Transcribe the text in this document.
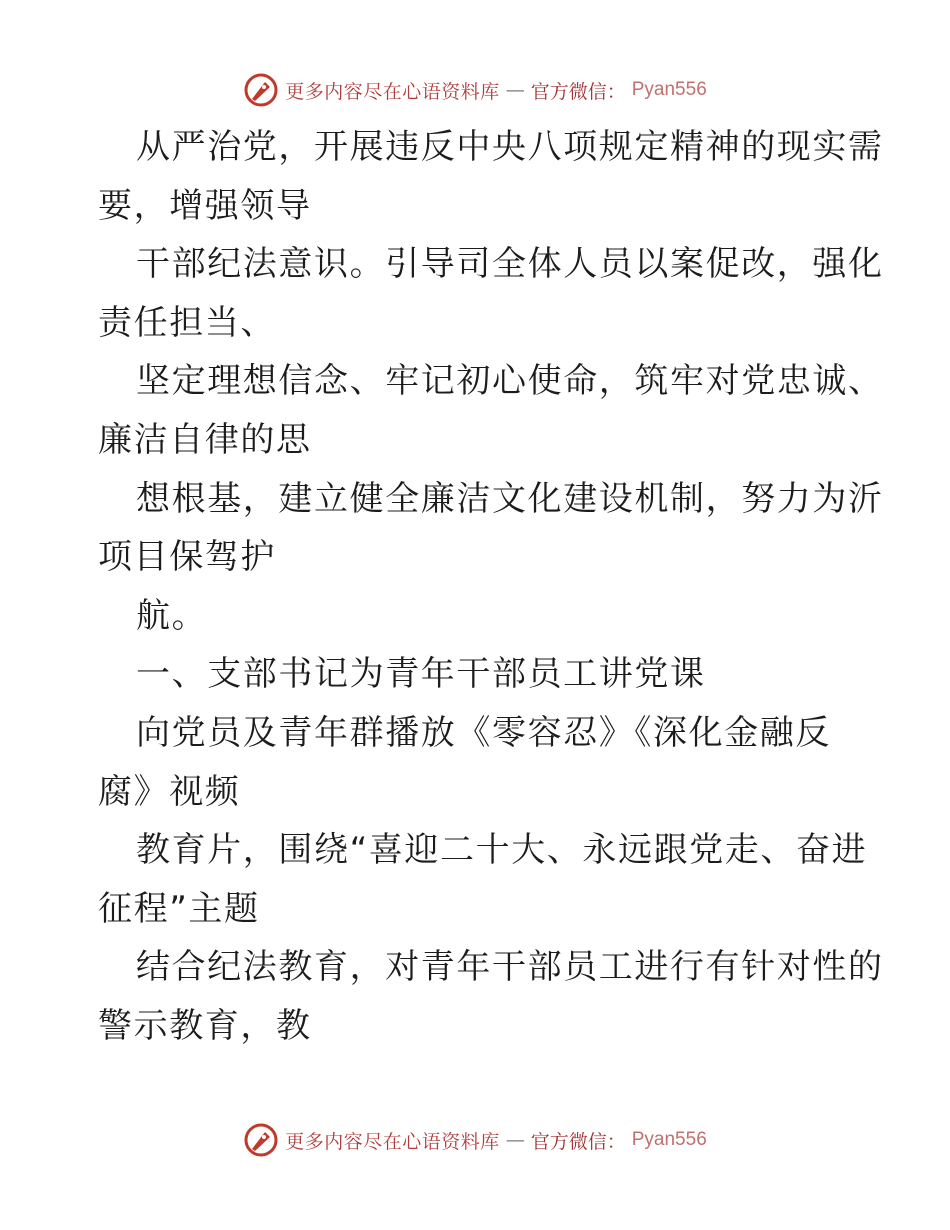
更多内容尽在心语资料库 — 官方微信： Pyan556
从严治党，开展违反中央八项规定精神的现实需
要，增强领导
干部纪法意识。引导司全体人员以案促改，强化
责任担当、
坚定理想信念、牢记初心使命，筑牢对党忠诚、
廉洁自律的思
想根基，建立健全廉洁文化建设机制，努力为沂
项目保驾护
航。
一、支部书记为青年干部员工讲党课
向党员及青年群播放《零容忍》《深化金融反
腐》视频
教育片，围绕“喜迎二十大、永远跟党走、奋进
征程”主题
结合纪法教育，对青年干部员工进行有针对性的
警示教育，教
更多内容尽在心语资料库 — 官方微信： Pyan556
